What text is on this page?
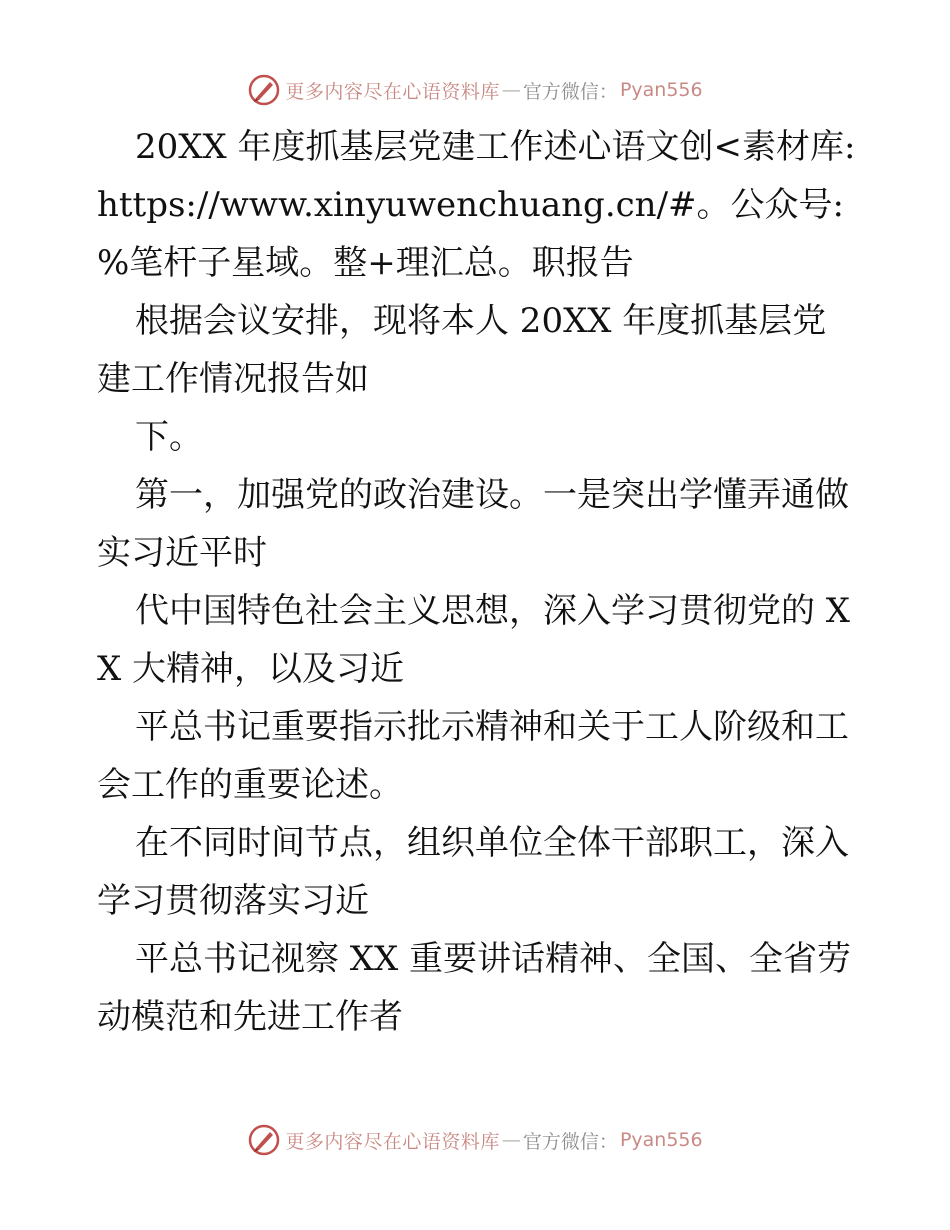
更多内容尽在心语资料库 — 官方微信： Pyan556

20XX 年度抓基层党建工作述心语文创<素材库: https://www.xinyuwenchuang.cn/#。公众号: %笔杆子星域。整+理汇总。职报告

根据会议安排，现将本人 20XX 年度抓基层党建工作情况报告如

下。

第一，加强党的政治建设。一是突出学懂弄通做实习近平时

代中国特色社会主义思想，深入学习贯彻党的 XX 大精神，以及习近

平总书记重要指示批示精神和关于工人阶级和工会工作的重要论述。

在不同时间节点，组织单位全体干部职工，深入学习贯彻落实习近

平总书记视察 XX 重要讲话精神、全国、全省劳动模范和先进工作者

更多内容尽在心语资料库 — 官方微信： Pyan556
